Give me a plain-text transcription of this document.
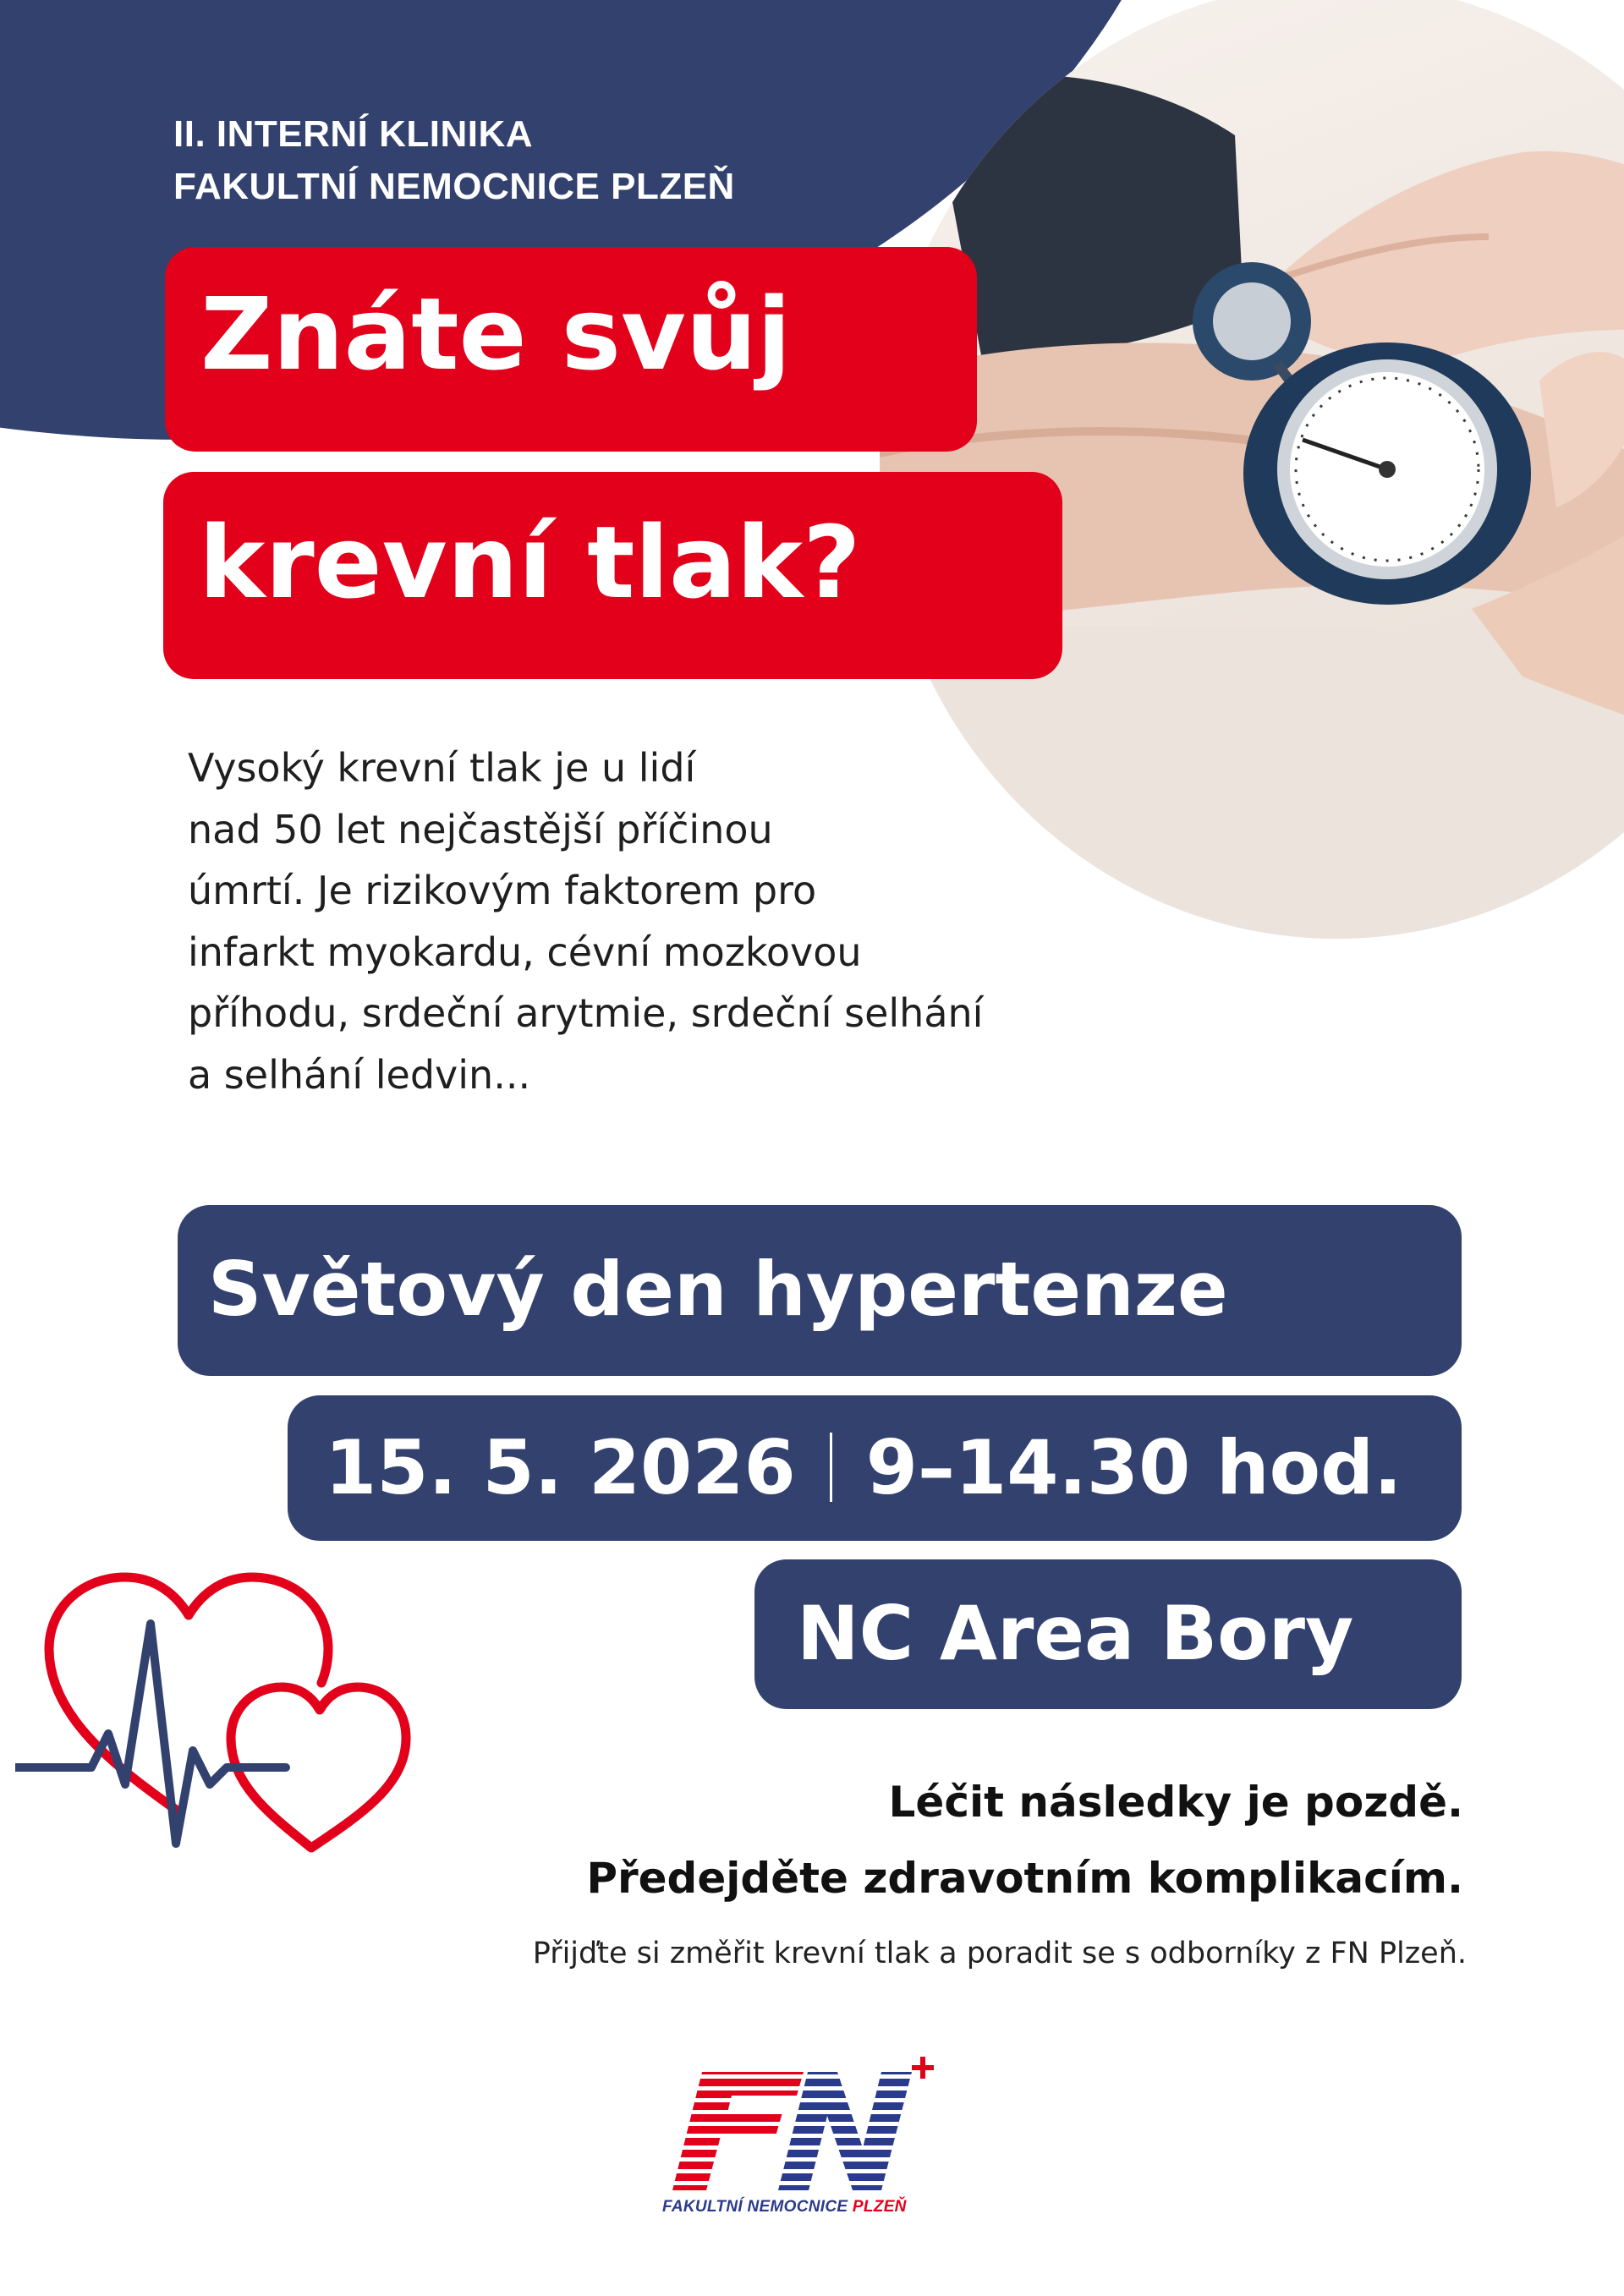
II. INTERNÍ KLINIKA
FAKULTNÍ NEMOCNICE PLZEŇ
Znáte svůj
krevní tlak?
Vysoký krevní tlak je u lidí
nad 50 let nejčastější příčinou
úmrtí. Je rizikovým faktorem pro
infarkt myokardu, cévní mozkovou
příhodu, srdeční arytmie, srdeční selhání
a selhání ledvin...
Světový den hypertenze
15. 5. 2026 9–14.30 hod.
NC Area Bory
Léčit následky je pozdě.
Předejděte zdravotním komplikacím.
Přijďte si změřit krevní tlak a poradit se s odborníky z FN Plzeň.
FAKULTNÍ NEMOCNICE PLZEŇ
